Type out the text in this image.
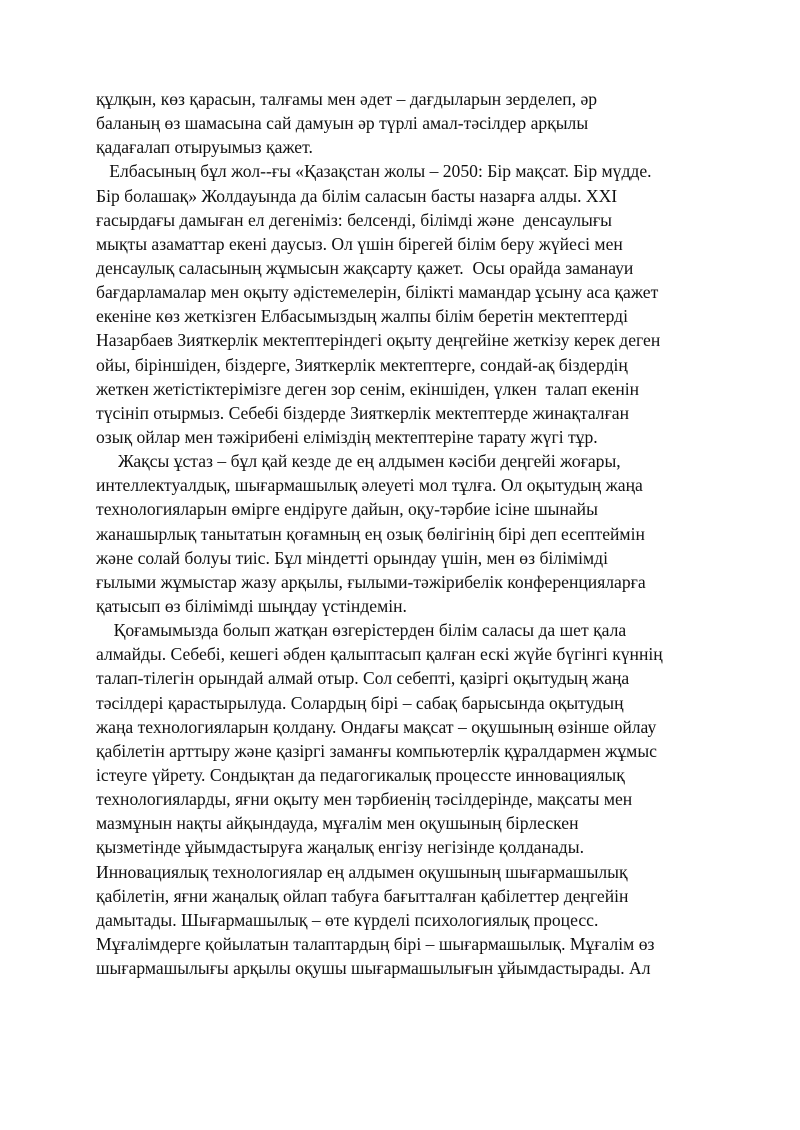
құлқын, көз қарасын, талғамы мен әдет – дағдыларын зерделеп, әр
баланың өз шамасына сай дамуын әр түрлі амал-тәсілдер арқылы
қадағалап отыруымыз қажет.
Елбасының бұл жол--ғы «Қазақстан жолы – 2050: Бір мақсат. Бір мүдде.
Бір болашақ» Жолдауында да білім саласын басты назарға алды. XXI
ғасырдағы дамыған ел дегеніміз: белсенді, білімді және  денсаулығы
мықты азаматтар екені даусыз. Ол үшін бірегей білім беру жүйесі мен
денсаулық саласының жұмысын жақсарту қажет.  Осы орайда заманауи
бағдарламалар мен оқыту әдістемелерін, білікті мамандар ұсыну аса қажет
екеніне көз жеткізген Елбасымыздың жалпы білім беретін мектептерді
Назарбаев Зияткерлік мектептеріндегі оқыту деңгейіне жеткізу керек деген
ойы, біріншіден, біздерге, Зияткерлік мектептерге, сондай-ақ біздердің
жеткен жетістіктерімізге деген зор сенім, екіншіден, үлкен  талап екенін
түсініп отырмыз. Себебі біздерде Зияткерлік мектептерде жинақталған
озық ойлар мен тәжірибені еліміздің мектептеріне тарату жүгі тұр.
Жақсы ұстаз – бұл қай кезде де ең алдымен кәсіби деңгейі жоғары,
интеллектуалдық, шығармашылық әлеуеті мол тұлға. Ол оқытудың жаңа
технологияларын өмірге ендіруге дайын, оқу-тәрбие ісіне шынайы
жанашырлық танытатын қоғамның ең озық бөлігінің бірі деп есептеймін
және солай болуы тиіс. Бұл міндетті орындау үшін, мен өз білімімді
ғылыми жұмыстар жазу арқылы, ғылыми-тәжірибелік конференцияларға
қатысып өз білімімді шыңдау үстіндемін.
Қоғамымызда болып жатқан өзгерістерден білім саласы да шет қала
алмайды. Себебі, кешегі әбден қалыптасып қалған ескі жүйе бүгінгі күннің
талап-тілегін орындай алмай отыр. Сол себепті, қазіргі оқытудың жаңа
тәсілдері қарастырылуда. Солардың бірі – сабақ барысында оқытудың
жаңа технологияларын қолдану. Ондағы мақсат – оқушының өзінше ойлау
қабілетін арттыру және қазіргі заманғы компьютерлік құралдармен жұмыс
істеуге үйрету. Сондықтан да педагогикалық процессте инновациялық
технологияларды, яғни оқыту мен тәрбиенің тәсілдерінде, мақсаты мен
мазмұнын нақты айқындауда, мұғалім мен оқушының бірлескен
қызметінде ұйымдастыруға жаңалық енгізу негізінде қолданады.
Инновациялық технологиялар ең алдымен оқушының шығармашылық
қабілетін, яғни жаңалық ойлап табуға бағытталған қабілеттер деңгейін
дамытады. Шығармашылық – өте күрделі психологиялық процесс.
Мұғалімдерге қойылатын талаптардың бірі – шығармашылық. Мұғалім өз
шығармашылығы арқылы оқушы шығармашылығын ұйымдастырады. Ал
